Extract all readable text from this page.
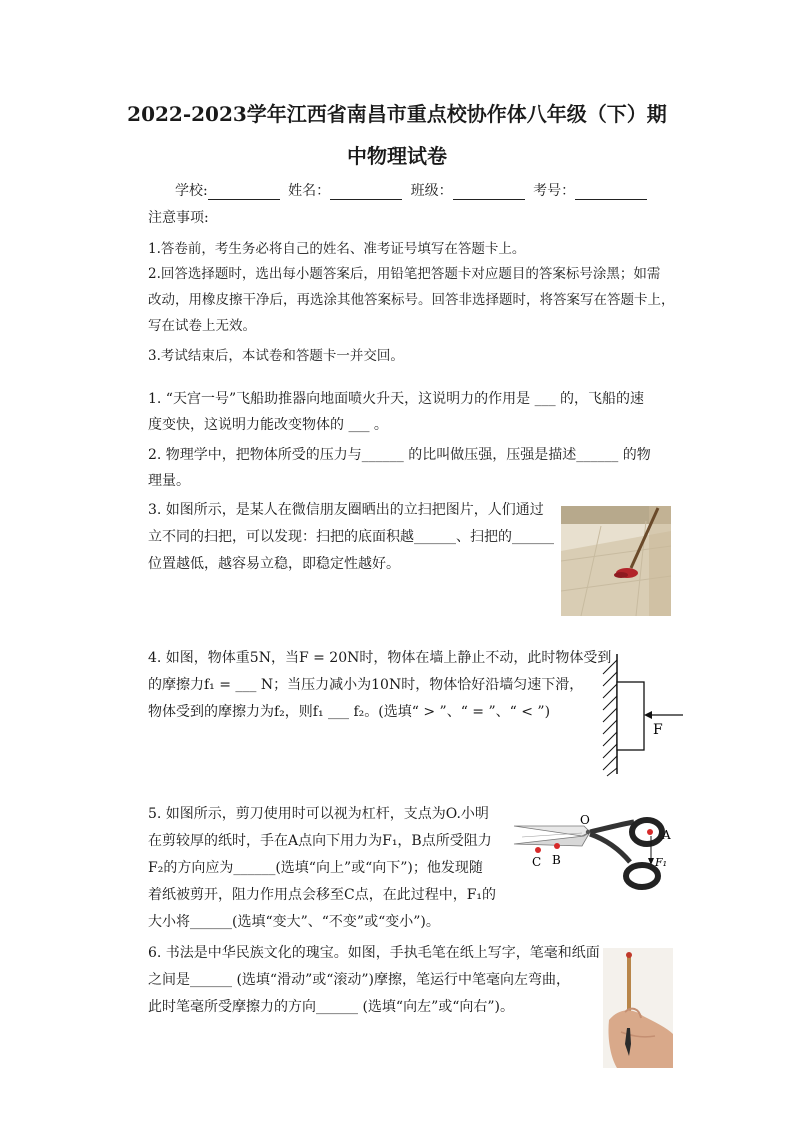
2022-2023学年江西省南昌市重点校协作体八年级（下）期
中物理试卷
学校:	姓名：	班级：	考号：
注意事项:
1.答卷前，考生务必将自己的姓名、准考证号填写在答题卡上。
2.回答选择题时，选出每小题答案后，用铅笔把答题卡对应题目的答案标号涂黑；如需
改动，用橡皮擦干净后，再选涂其他答案标号。回答非选择题时，将答案写在答题卡上，
写在试卷上无效。
3.考试结束后，本试卷和答题卡一并交回。
1. “天宫一号”飞船助推器向地面喷火升天，这说明力的作用是 ___ 的，飞船的速
度变快，这说明力能改变物体的 ___ 。
2. 物理学中，把物体所受的压力与______ 的比叫做压强，压强是描述______ 的物
理量。
3. 如图所示，是某人在微信朋友圈晒出的立扫把图片，人们通过
立不同的扫把，可以发现：扫把的底面积越______、扫把的______
位置越低，越容易立稳，即稳定性越好。
4. 如图，物体重5N，当F = 20N时，物体在墙上静止不动，此时物体受到
的摩擦力f₁ = ___ N；当压力减小为10N时，物体恰好沿墙匀速下滑，
物体受到的摩擦力为f₂，则f₁ ___ f₂。(选填“ > ”、“ = ”、“ < ”)
F
5. 如图所示，剪刀使用时可以视为杠杆，支点为O.小明
在剪较厚的纸时，手在A点向下用力为F₁，B点所受阻力
F₂的方向应为______(选填“向上”或“向下”)；他发现随
着纸被剪开，阻力作用点会移至C点，在此过程中，F₁的
大小将______(选填“变大”、“不变”或“变小”)。
O
A
B
C	F₁
6. 书法是中华民族文化的瑰宝。如图，手执毛笔在纸上写字，笔毫和纸面
之间是______ (选填“滑动”或“滚动”)摩擦，笔运行中笔毫向左弯曲，
此时笔毫所受摩擦力的方向______ (选填“向左”或“向右”)。
